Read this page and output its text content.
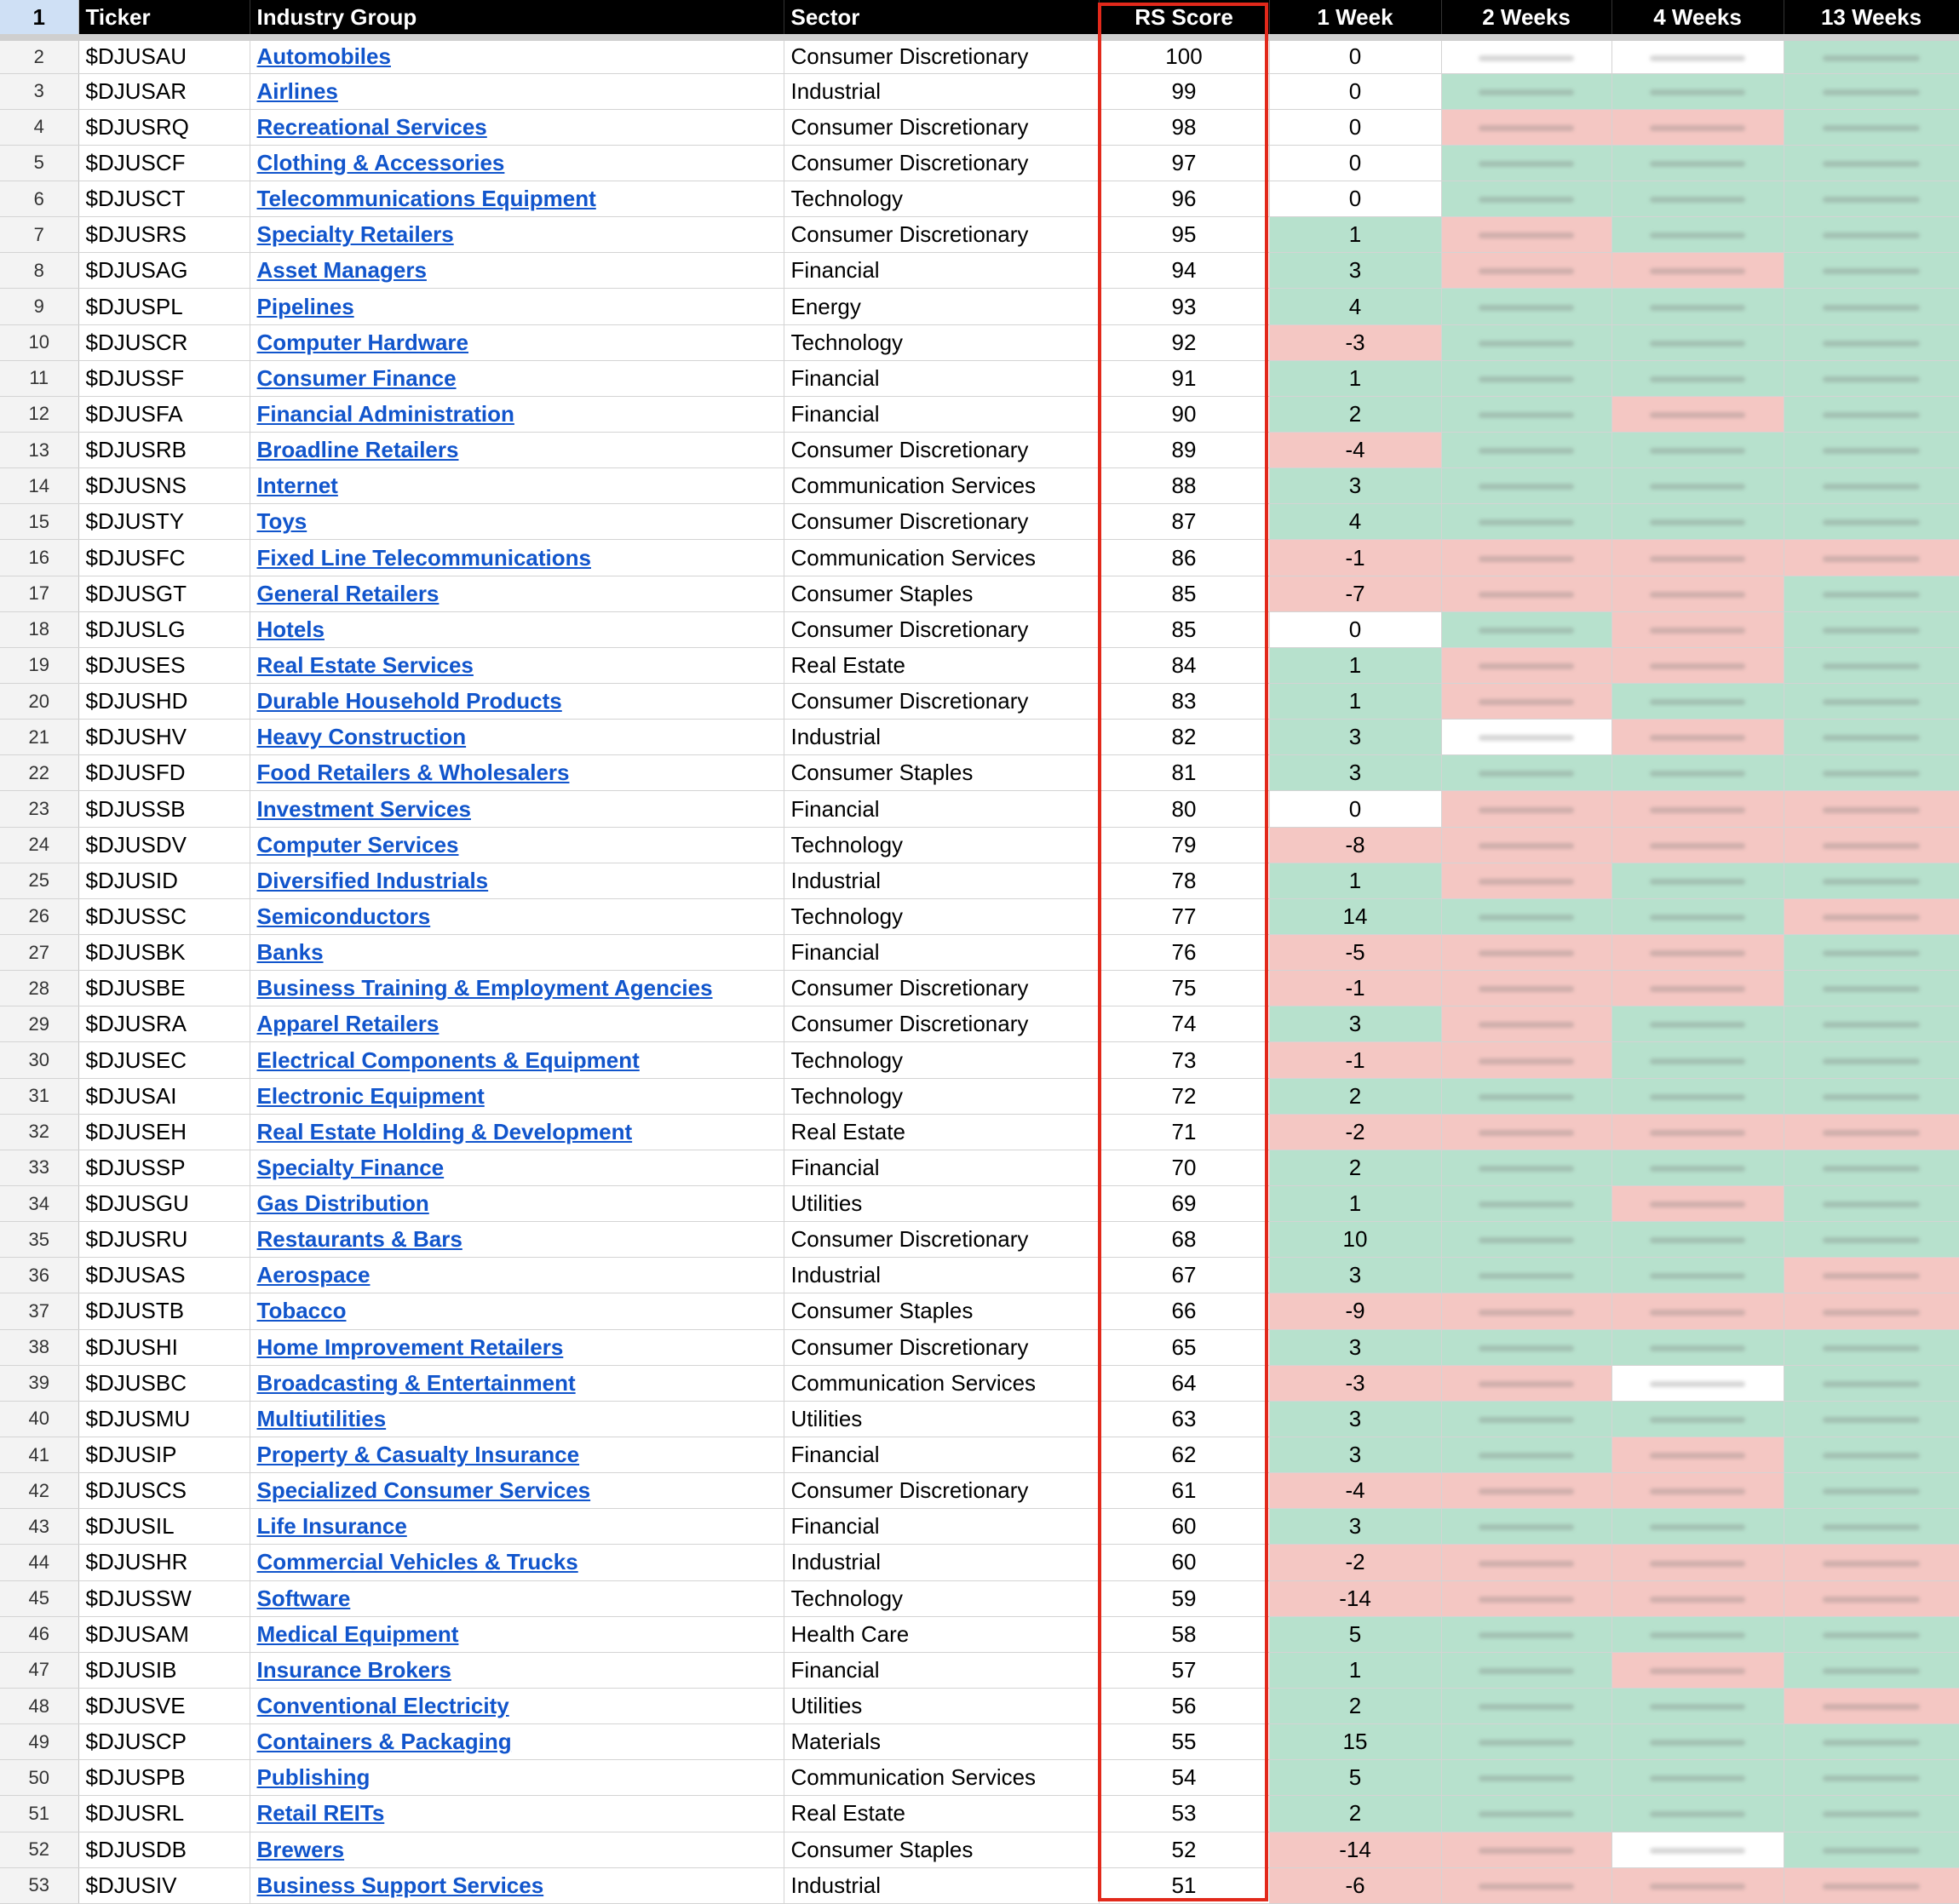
1	Ticker	Industry Group	Sector	RS Score	1 Week	2 Weeks	4 Weeks	13 Weeks
2	$DJUSAU	Automobiles	Consumer Discretionary	100	0	

3	$DJUSAR	Airlines	Industrial	99	0	

4	$DJUSRQ	Recreational Services	Consumer Discretionary	98	0	

5	$DJUSCF	Clothing & Accessories	Consumer Discretionary	97	0	

6	$DJUSCT	Telecommunications Equipment	Technology	96	0	

7	$DJUSRS	Specialty Retailers	Consumer Discretionary	95	1	

8	$DJUSAG	Asset Managers	Financial	94	3	

9	$DJUSPL	Pipelines	Energy	93	4	

10	$DJUSCR	Computer Hardware	Technology	92	-3	

11	$DJUSSF	Consumer Finance	Financial	91	1	

12	$DJUSFA	Financial Administration	Financial	90	2	

13	$DJUSRB	Broadline Retailers	Consumer Discretionary	89	-4	

14	$DJUSNS	Internet	Communication Services	88	3	

15	$DJUSTY	Toys	Consumer Discretionary	87	4	

16	$DJUSFC	Fixed Line Telecommunications	Communication Services	86	-1	

17	$DJUSGT	General Retailers	Consumer Staples	85	-7	

18	$DJUSLG	Hotels	Consumer Discretionary	85	0	

19	$DJUSES	Real Estate Services	Real Estate	84	1	

20	$DJUSHD	Durable Household Products	Consumer Discretionary	83	1	

21	$DJUSHV	Heavy Construction	Industrial	82	3	

22	$DJUSFD	Food Retailers & Wholesalers	Consumer Staples	81	3	

23	$DJUSSB	Investment Services	Financial	80	0	

24	$DJUSDV	Computer Services	Technology	79	-8	

25	$DJUSID	Diversified Industrials	Industrial	78	1	

26	$DJUSSC	Semiconductors	Technology	77	14	

27	$DJUSBK	Banks	Financial	76	-5	

28	$DJUSBE	Business Training & Employment Agencies	Consumer Discretionary	75	-1	

29	$DJUSRA	Apparel Retailers	Consumer Discretionary	74	3	

30	$DJUSEC	Electrical Components & Equipment	Technology	73	-1	

31	$DJUSAI	Electronic Equipment	Technology	72	2	

32	$DJUSEH	Real Estate Holding & Development	Real Estate	71	-2	

33	$DJUSSP	Specialty Finance	Financial	70	2	

34	$DJUSGU	Gas Distribution	Utilities	69	1	

35	$DJUSRU	Restaurants & Bars	Consumer Discretionary	68	10	

36	$DJUSAS	Aerospace	Industrial	67	3	

37	$DJUSTB	Tobacco	Consumer Staples	66	-9	

38	$DJUSHI	Home Improvement Retailers	Consumer Discretionary	65	3	

39	$DJUSBC	Broadcasting & Entertainment	Communication Services	64	-3	

40	$DJUSMU	Multiutilities	Utilities	63	3	

41	$DJUSIP	Property & Casualty Insurance	Financial	62	3	

42	$DJUSCS	Specialized Consumer Services	Consumer Discretionary	61	-4	

43	$DJUSIL	Life Insurance	Financial	60	3	

44	$DJUSHR	Commercial Vehicles & Trucks	Industrial	60	-2	

45	$DJUSSW	Software	Technology	59	-14	

46	$DJUSAM	Medical Equipment	Health Care	58	5	

47	$DJUSIB	Insurance Brokers	Financial	57	1	

48	$DJUSVE	Conventional Electricity	Utilities	56	2	

49	$DJUSCP	Containers & Packaging	Materials	55	15	

50	$DJUSPB	Publishing	Communication Services	54	5	

51	$DJUSRL	Retail REITs	Real Estate	53	2	

52	$DJUSDB	Brewers	Consumer Staples	52	-14	

53	$DJUSIV	Business Support Services	Industrial	51	-6	
